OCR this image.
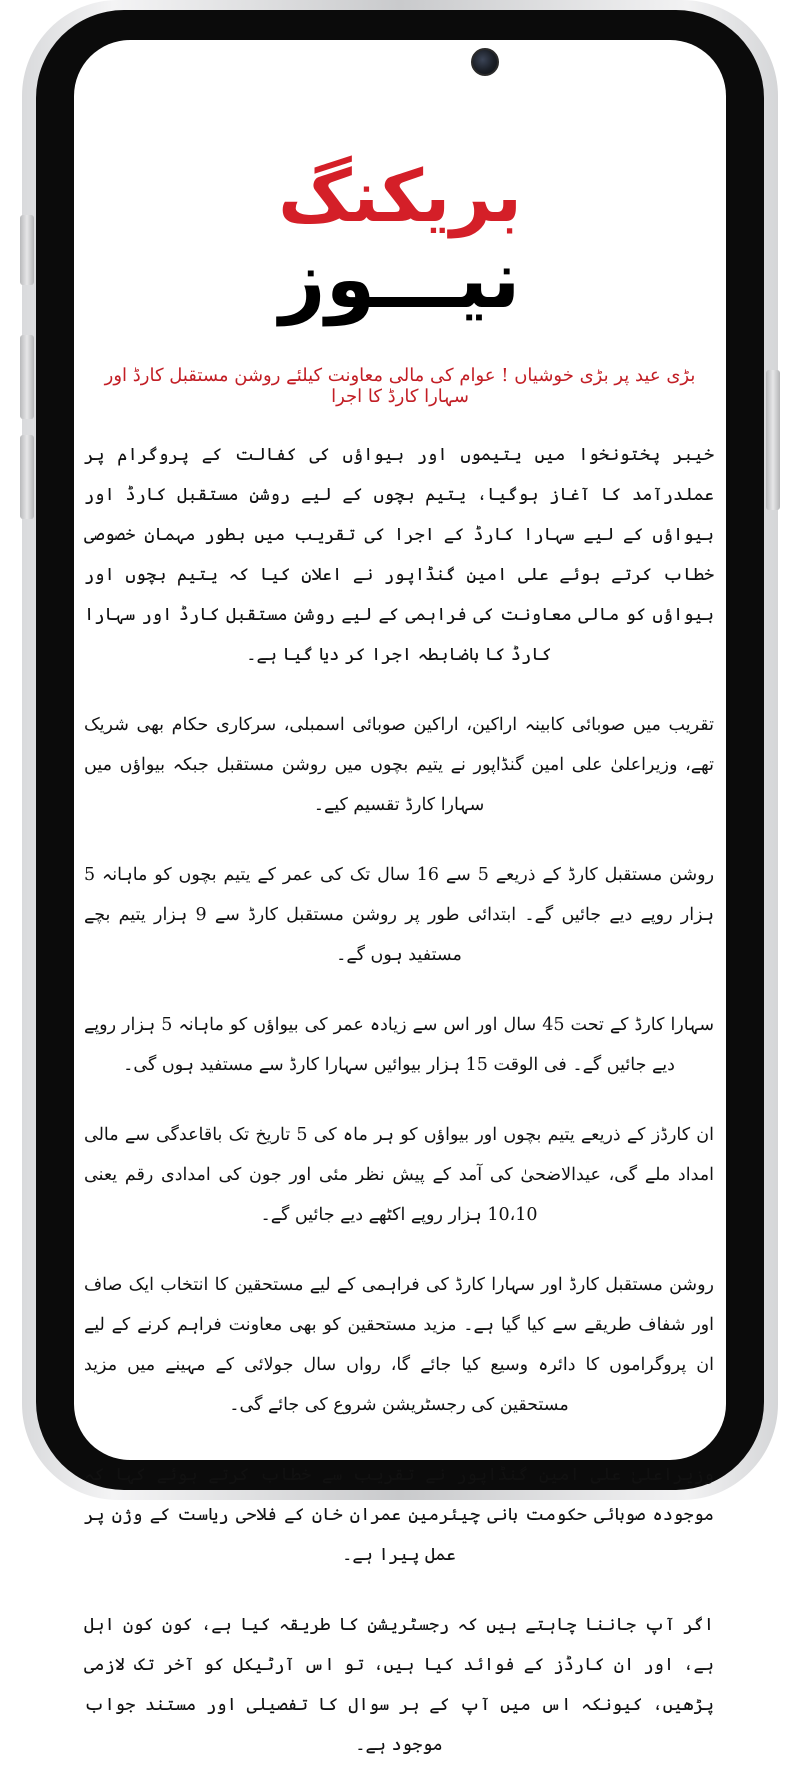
بریکنگ
نیـــوز
بڑی عید پر بڑی خوشیاں ! عوام کی مالی معاونت کیلئے روشن مستقبل کارڈ اور سہارا کارڈ کا اجرا

خیبر پختونخوا میں یتیموں اور بیواؤں کی کفالت کے پروگرام پر عملدرآمد کا آغاز ہوگیا، یتیم بچوں کے لیے روشن مستقبل کارڈ اور بیواؤں کے لیے سہارا کارڈ کے اجرا کی تقریب میں بطور مہمان خصوصی خطاب کرتے ہوئے علی امین گنڈاپور نے اعلان کیا کہ یتیم بچوں اور بیواؤں کو مالی معاونت کی فراہمی کے لیے روشن مستقبل کارڈ اور سہارا کارڈ کا باضابطہ اجرا کر دیا گیا ہے۔

تقریب میں صوبائی کابینہ اراکین، اراکین صوبائی اسمبلی، سرکاری حکام بھی شریک تھے، وزیراعلیٰ علی امین گنڈاپور نے یتیم بچوں میں روشن مستقبل جبکہ بیواؤں میں سہارا کارڈ تقسیم کیے۔

روشن مستقبل کارڈ کے ذریعے 5 سے 16 سال تک کی عمر کے یتیم بچوں کو ماہانہ 5 ہزار روپے دیے جائیں گے۔ ابتدائی طور پر روشن مستقبل کارڈ سے 9 ہزار یتیم بچے مستفید ہوں گے۔

سہارا کارڈ کے تحت 45 سال اور اس سے زیادہ عمر کی بیواؤں کو ماہانہ 5 ہزار روپے دیے جائیں گے۔ فی الوقت 15 ہزار بیوائیں سہارا کارڈ سے مستفید ہوں گی۔

ان کارڈز کے ذریعے یتیم بچوں اور بیواؤں کو ہر ماہ کی 5 تاریخ تک باقاعدگی سے مالی امداد ملے گی، عیدالاضحیٰ کی آمد کے پیش نظر مئی اور جون کی امدادی رقم یعنی 10،10 ہزار روپے اکٹھے دیے جائیں گے۔

روشن مستقبل کارڈ اور سہارا کارڈ کی فراہمی کے لیے مستحقین کا انتخاب ایک صاف اور شفاف طریقے سے کیا گیا ہے۔ مزید مستحقین کو بھی معاونت فراہم کرنے کے لیے ان پروگراموں کا دائرہ وسیع کیا جائے گا، رواں سال جولائی کے مہینے میں مزید مستحقین کی رجسٹریشن شروع کی جائے گی۔

وزیراعلیٰ علی امین گنڈاپور نے تقریب سے خطاب کرتے ہوئے کہا کہ موجودہ صوبائی حکومت بانی چیئرمین عمران خان کے فلاحی ریاست کے وژن پر عمل پیرا ہے۔

اگر آپ جاننا چاہتے ہیں کہ رجسٹریشن کا طریقہ کیا ہے، کون کون اہل ہے، اور ان کارڈز کے فوائد کیا ہیں، تو اس آرٹیکل کو آخر تک لازمی پڑھیں، کیونکہ اس میں آپ کے ہر سوال کا تفصیلی اور مستند جواب موجود ہے۔
